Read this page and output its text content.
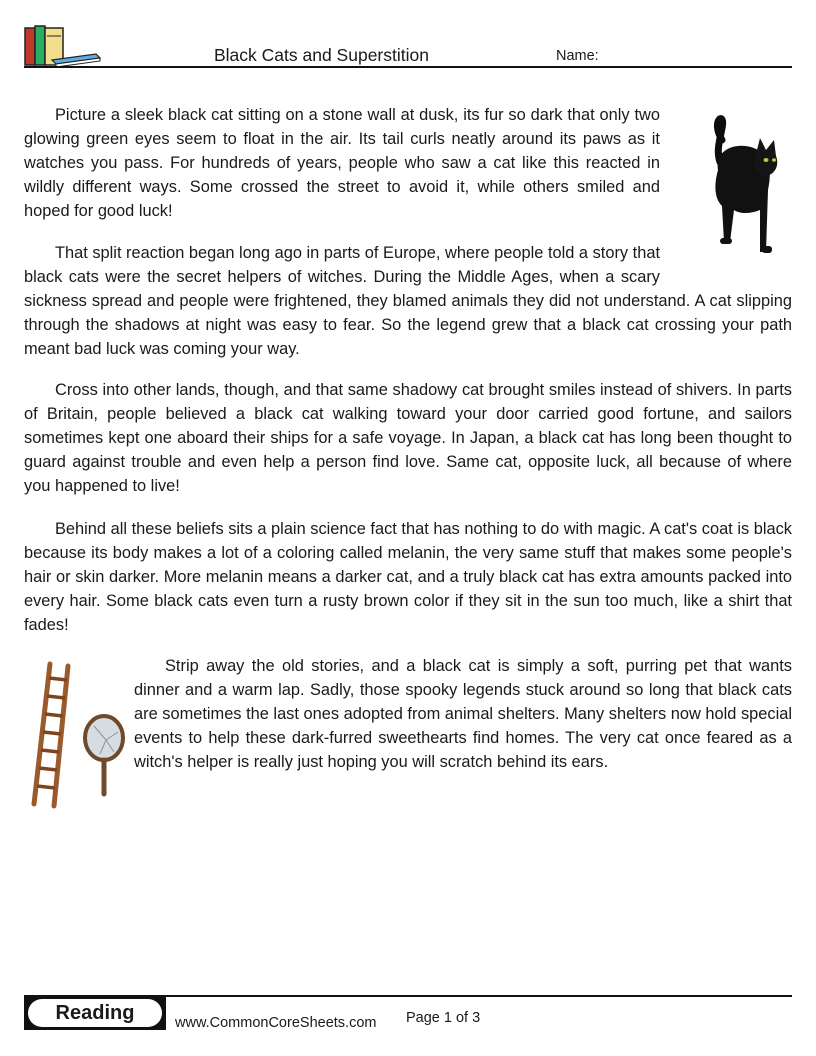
Black Cats and Superstition	Name:

Picture a sleek black cat sitting on a stone wall at dusk, its fur so dark that only two glowing green eyes seem to float in the air. Its tail curls neatly around its paws as it watches you pass. For hundreds of years, people who saw a cat like this reacted in wildly different ways. Some crossed the street to avoid it, while others smiled and hoped for good luck!

That split reaction began long ago in parts of Europe, where people told a story that black cats were the secret helpers of witches. During the Middle Ages, when a scary sickness spread and people were frightened, they blamed animals they did not understand. A cat slipping through the shadows at night was easy to fear. So the legend grew that a black cat crossing your path meant bad luck was coming your way.

Cross into other lands, though, and that same shadowy cat brought smiles instead of shivers. In parts of Britain, people believed a black cat walking toward your door carried good fortune, and sailors sometimes kept one aboard their ships for a safe voyage. In Japan, a black cat has long been thought to guard against trouble and even help a person find love. Same cat, opposite luck, all because of where you happened to live!

Behind all these beliefs sits a plain science fact that has nothing to do with magic. A cat's coat is black because its body makes a lot of a coloring called melanin, the very same stuff that makes some people's hair or skin darker. More melanin means a darker cat, and a truly black cat has extra amounts packed into every hair. Some black cats even turn a rusty brown color if they sit in the sun too much, like a shirt that fades!

Strip away the old stories, and a black cat is simply a soft, purring pet that wants dinner and a warm lap. Sadly, those spooky legends stuck around so long that black cats are sometimes the last ones adopted from animal shelters. Many shelters now hold special events to help these dark-furred sweethearts find homes. The very cat once feared as a witch's helper is really just hoping you will scratch behind its ears.

Reading	www.CommonCoreSheets.com Page 1 of 3
